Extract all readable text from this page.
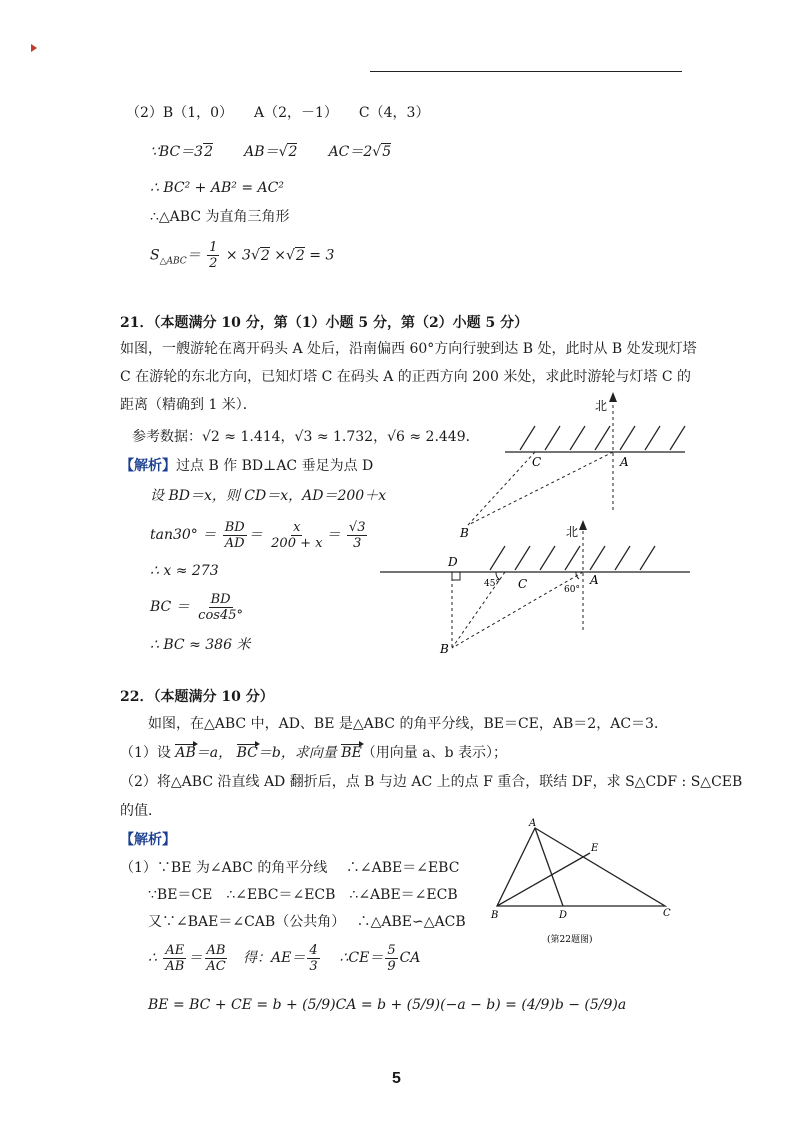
（2）B（1，0）　　A（2，－1）　　C（4，3）
∵BC＝32 AB＝√2 AC＝2√5
∴ BC² + AB² = AC²
∴△ABC 为直角三角形
$S_{\triangle ABC}= \frac{1}{2} \times 3√2 \times√2 = 3$
21．（本题满分 10 分，第（1）小题 5 分，第（2）小题 5 分）
如图，一艘游轮在离开码头 A 处后，沿南偏西 60°方向行驶到达 B 处，此时从 B 处发现灯塔
C 在游轮的东北方向，已知灯塔 C 在码头 A 的正西方向 200 米处，求此时游轮与灯塔 C 的
距离（精确到 1 米）．
参考数据：√2 ≈ 1.414，√3 ≈ 1.732，√6 ≈ 2.449．
【解析】过点 B 作 BD⊥AC 垂足为点 D
设 BD＝x，则 CD＝x，AD＝200＋x
$\tan 30^\circ = \frac{BD}{AD} = \frac{x}{200 + x} = \frac{√3}{3}$
∴ x ≈ 273
BC ＝ $\frac{BD}{\cos 45^\circ}$
∴ BC ≈ 386 米
北
C	A
B	北
D
C	A
45°
60°
B
22．（本题满分 10 分）
如图，在△ABC 中，AD、BE 是△ABC 的角平分线，BE＝CE，AB＝2，AC＝3．
（1）设 AB＝a， BC＝b，求向量 BE（用向量 a、b 表示）；
（2）将△ABC 沿直线 AD 翻折后，点 B 与边 AC 上的点 F 重合，联结 DF，求 S△CDF : S△CEB
的值．
【解析】
（1）∵BE 为∠ABC 的角平分线　 ∴∠ABE＝∠EBC
∵BE＝CE　∴∠EBC＝∠ECB　∴∠ABE＝∠ECB
又∵∠BAE＝∠CAB（公共角）　 ∴△ABE∽△ACB
∴ $\frac{AE}{AB} = \frac{AB}{AC}$ 得：$AE= \frac{4}{3}$ ∴CE＝ $\frac{5}{9}$ CA
BE = BC + CE = b + (5/9)CA = b + (5/9)(−a − b) = (4/9)b − (5/9)a
A
E
B	D	C
(第22题图)
5
